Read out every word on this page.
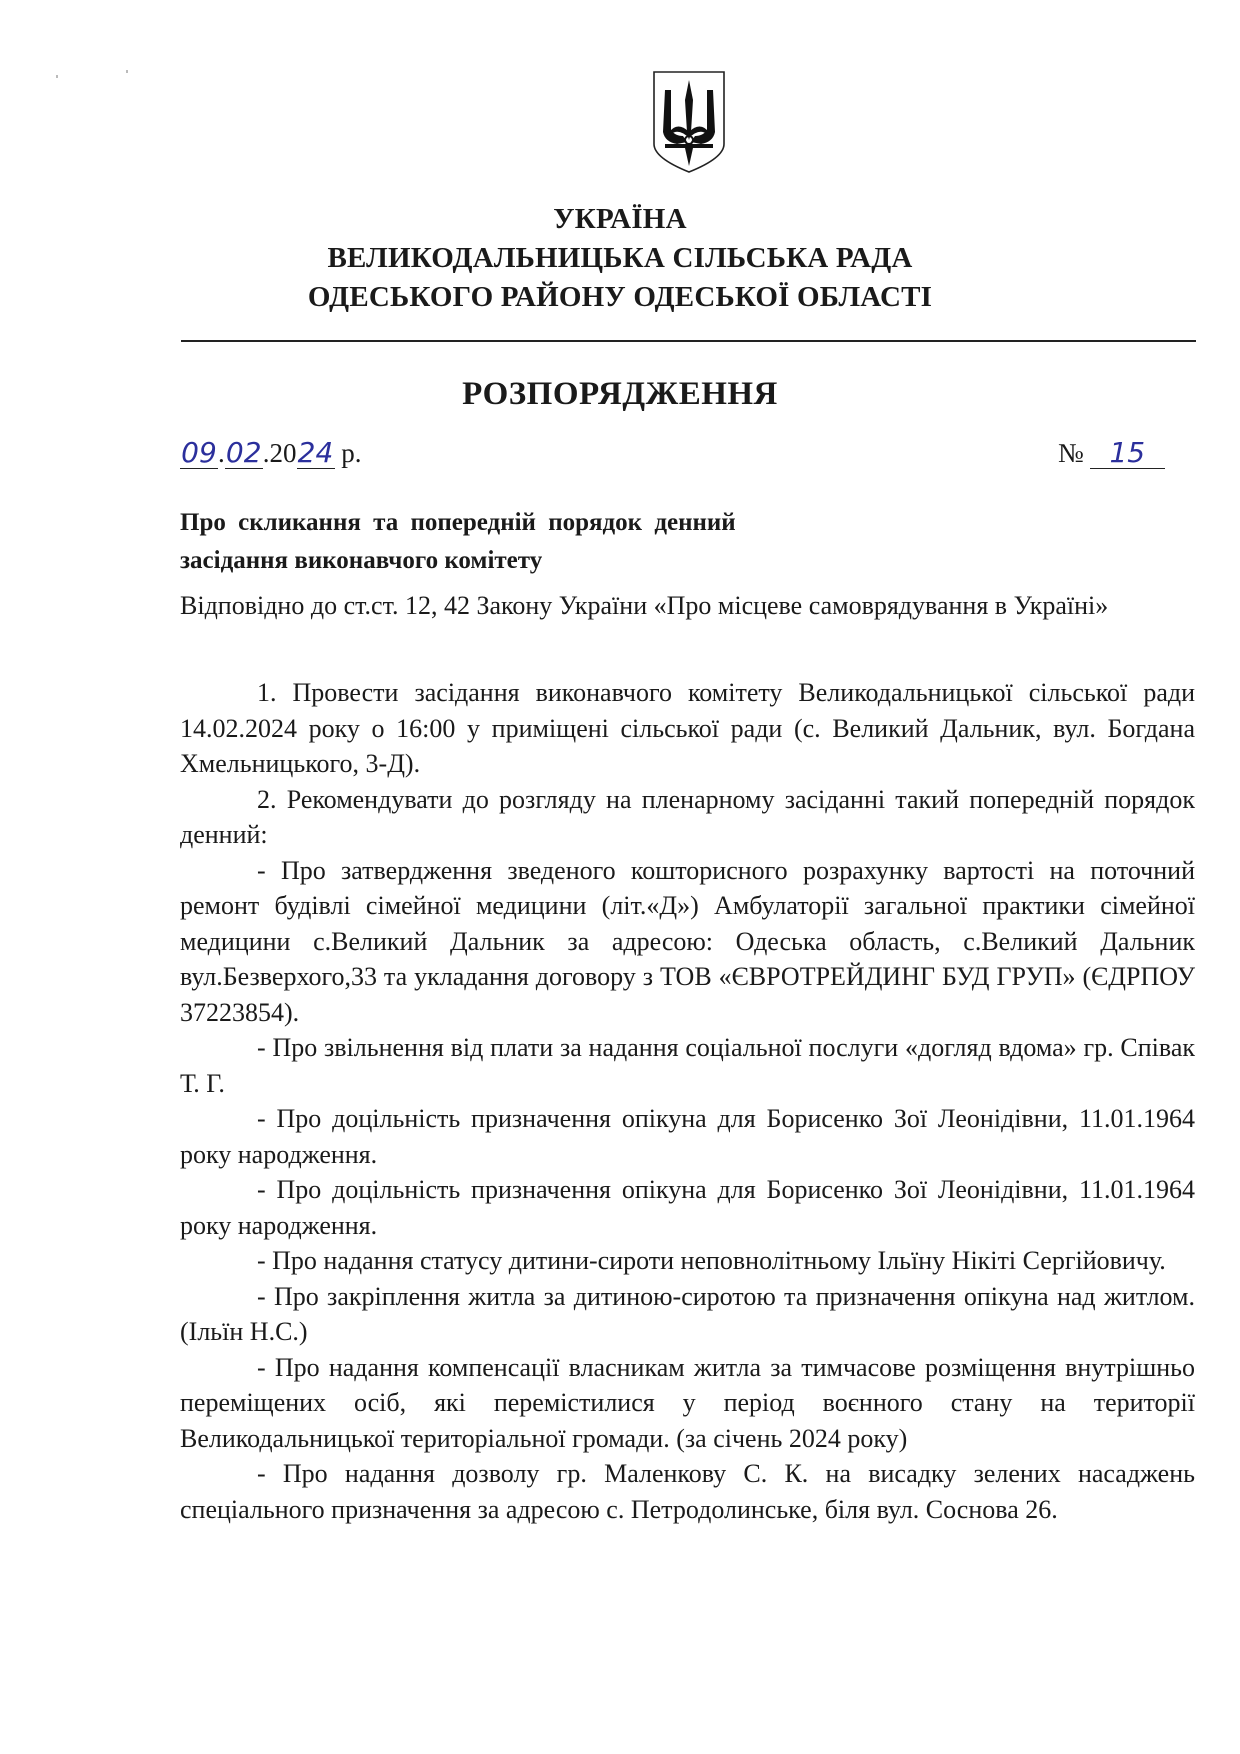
УКРАЇНА
ВЕЛИКОДАЛЬНИЦЬКА СІЛЬСЬКА РАДА
ОДЕСЬКОГО РАЙОНУ ОДЕСЬКОЇ ОБЛАСТІ
РОЗПОРЯДЖЕННЯ
09.02.2024 р.	№ 15
Про скликання та попередній порядок денний
засідання виконавчого комітету

Відповідно до ст.ст. 12, 42 Закону України «Про місцеве самоврядування в Україні»

1. Провести засідання виконавчого комітету Великодальницької сільської ради 14.02.2024 року о 16:00 у приміщені сільської ради (с. Великий Дальник, вул. Богдана Хмельницького, 3-Д).

2. Рекомендувати до розгляду на пленарному засіданні такий попередній порядок денний:

- Про затвердження зведеного кошторисного розрахунку вартості на поточний ремонт будівлі сімейної медицини (літ.«Д») Амбулаторії загальної практики сімейної медицини с.Великий Дальник за адресою: Одеська область, с.Великий Дальник вул.Безверхого,33 та укладання договору з ТОВ «ЄВРОТРЕЙДИНГ БУД ГРУП» (ЄДРПОУ 37223854).

- Про звільнення від плати за надання соціальної послуги «догляд вдома» гр. Співак Т. Г.

- Про доцільність призначення опікуна для Борисенко Зої Леонідівни, 11.01.1964 року народження.

- Про доцільність призначення опікуна для Борисенко Зої Леонідівни, 11.01.1964 року народження.

- Про надання статусу дитини-сироти неповнолітньому Ільїну Нікіті Сергійовичу.

- Про закріплення житла за дитиною-сиротою та призначення опікуна над житлом. (Ільїн Н.С.)

- Про надання компенсації власникам житла за тимчасове розміщення внутрішньо переміщених осіб, які перемістилися у період воєнного стану на території Великодальницької територіальної громади. (за січень 2024 року)

- Про надання дозволу гр. Маленкову С. К. на висадку зелених насаджень спеціального призначення за адресою с. Петродолинське, біля вул. Соснова 26.
